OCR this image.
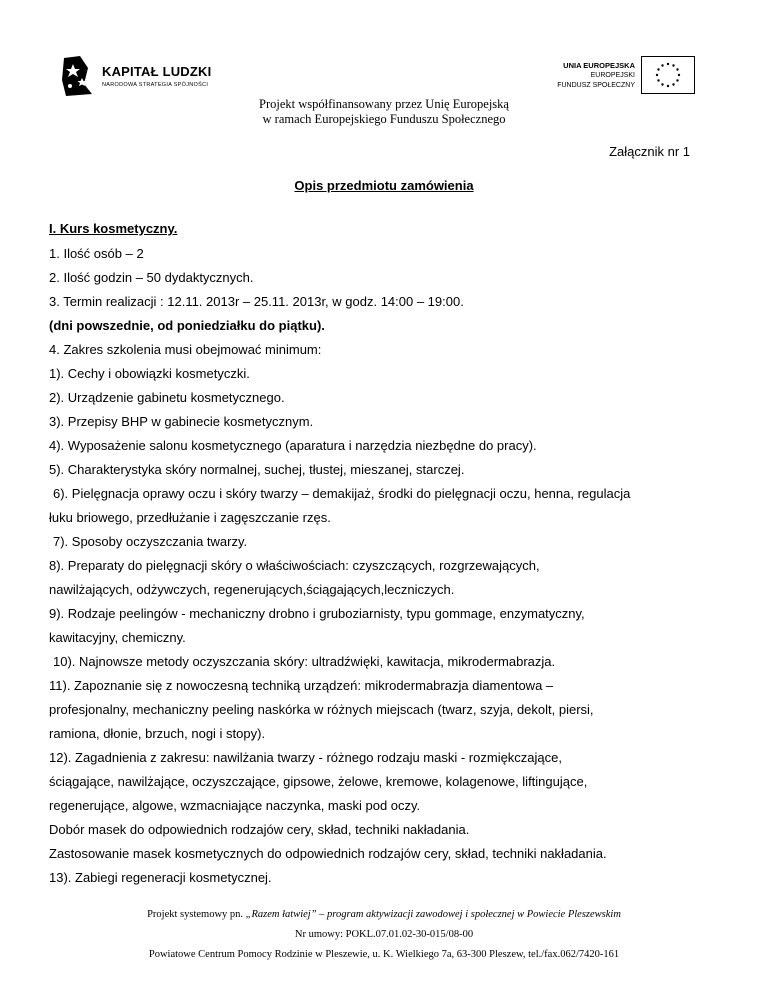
KAPITAŁ LUDZKI
NARODOWA STRATEGIA SPÓJNOŚCI
UNIA EUROPEJSKA
EUROPEJSKI
FUNDUSZ SPOŁECZNY
Projekt współfinansowany przez Unię Europejską
w ramach Europejskiego Funduszu Społecznego
Załącznik nr 1
Opis przedmiotu zamówienia
I. Kurs kosmetyczny.
1. Ilość osób – 2
2. Ilość godzin – 50 dydaktycznych.
3. Termin realizacji : 12.11. 2013r – 25.11. 2013r, w godz. 14:00 – 19:00.
(dni powszednie, od poniedziałku do piątku).
4. Zakres szkolenia musi obejmować minimum:
1). Cechy i obowiązki kosmetyczki.
2). Urządzenie gabinetu kosmetycznego.
3). Przepisy BHP w gabinecie kosmetycznym.
4). Wyposażenie salonu kosmetycznego (aparatura i narzędzia niezbędne do pracy).
5). Charakterystyka skóry normalnej, suchej, tłustej, mieszanej, starczej.
6). Pielęgnacja oprawy oczu i skóry twarzy – demakijaż, środki do pielęgnacji oczu, henna, regulacja
łuku briowego, przedłużanie i zagęszczanie rzęs.
7). Sposoby oczyszczania twarzy.
8). Preparaty do pielęgnacji skóry o właściwościach: czyszczących, rozgrzewających,
nawilżających, odżywczych, regenerujących,ściągających,leczniczych.
9). Rodzaje peelingów - mechaniczny drobno i gruboziarnisty, typu gommage, enzymatyczny,
kawitacyjny, chemiczny.
10). Najnowsze metody oczyszczania skóry: ultradźwięki, kawitacja, mikrodermabrazja.
11). Zapoznanie się z nowoczesną techniką urządzeń: mikrodermabrazja diamentowa –
profesjonalny, mechaniczny peeling naskórka w różnych miejscach (twarz, szyja, dekolt, piersi,
ramiona, dłonie, brzuch, nogi i stopy).
12). Zagadnienia z zakresu: nawilżania twarzy - różnego rodzaju maski - rozmiękczające,
ściągające, nawilżające, oczyszczające, gipsowe, żelowe, kremowe, kolagenowe, liftingujące,
regenerujące, algowe, wzmacniające naczynka, maski pod oczy.
Dobór masek do odpowiednich rodzajów cery, skład, techniki nakładania.
Zastosowanie masek kosmetycznych do odpowiednich rodzajów cery, skład, techniki nakładania.
13). Zabiegi regeneracji kosmetycznej.
Projekt systemowy pn. „Razem łatwiej” – program aktywizacji zawodowej i społecznej w Powiecie Pleszewskim
Nr umowy: POKL.07.01.02-30-015/08-00
Powiatowe Centrum Pomocy Rodzinie w Pleszewie, u. K. Wielkiego 7a, 63-300 Pleszew, tel./fax.062/7420-161
